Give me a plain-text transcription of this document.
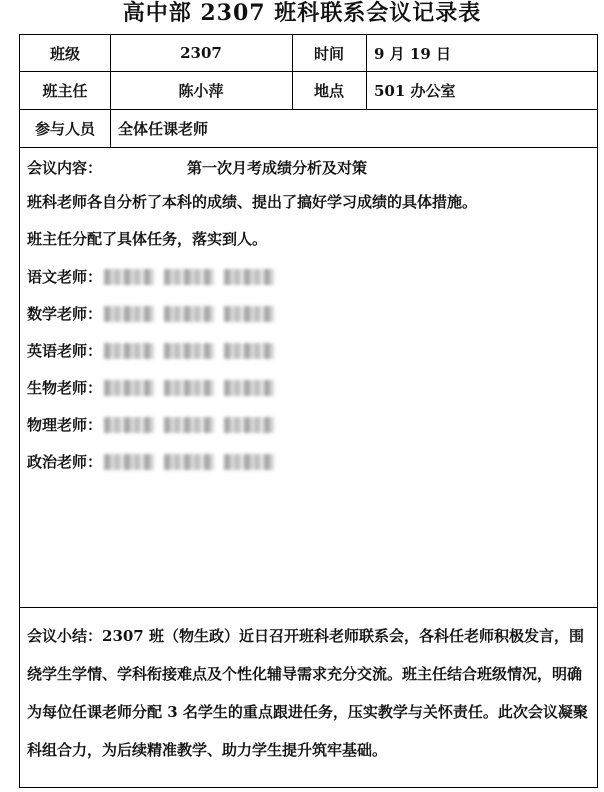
高中部 2307 班科联系会议记录表
班级	2307	时间	9 月 19 日
班主任	陈小萍	地点	501 办公室
参与人员	全体任课老师
会议内容：	第一次月考成绩分析及对策
班科老师各自分析了本科的成绩、提出了搞好学习成绩的具体措施。
班主任分配了具体任务，落实到人。
语文老师：
数学老师：
英语老师：
生物老师：
物理老师：
政治老师：
会议小结：2307 班（物生政）近日召开班科老师联系会，各科任老师积极发言，围绕学生学情、学科衔接难点及个性化辅导需求充分交流。班主任结合班级情况，明确为每位任课老师分配 3 名学生的重点跟进任务，压实教学与关怀责任。此次会议凝聚科组合力，为后续精准教学、助力学生提升筑牢基础。
